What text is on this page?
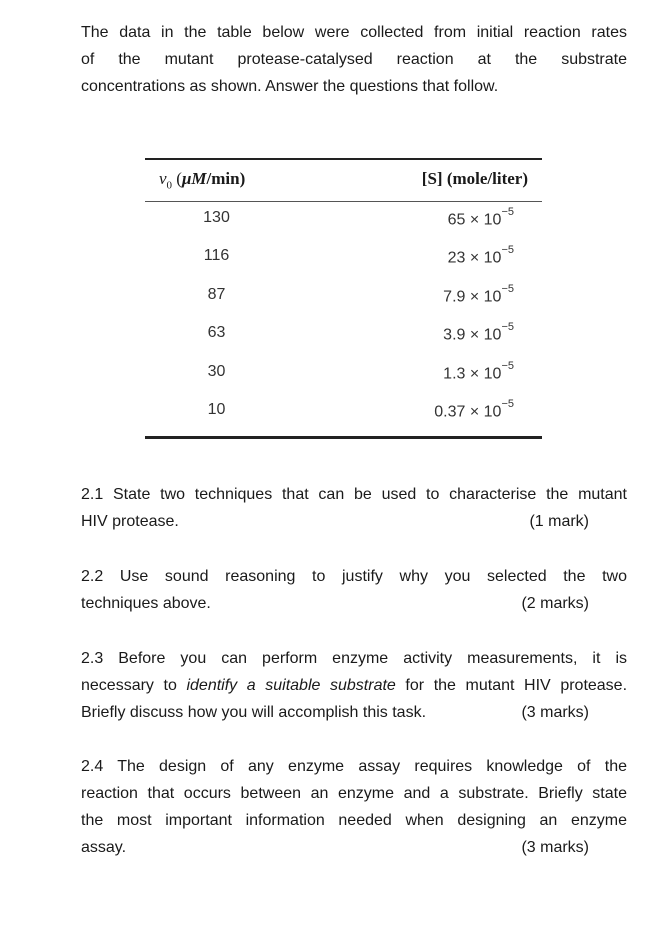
The data in the table below were collected from initial reaction rates
of the mutant protease-catalysed reaction at the substrate
concentrations as shown. Answer the questions that follow.
$v_0$ (μM/min)	[S] (mole/liter)
130	$65 \times 10^{-5}$
116	$23 \times 10^{-5}$
87	$7.9 \times 10^{-5}$
63	$3.9 \times 10^{-5}$
30	$1.3 \times 10^{-5}$
10	$0.37 \times 10^{-5}$
2.1 State two techniques that can be used to characterise the mutant
HIV protease.	(1 mark)
2.2 Use sound reasoning to justify why you selected the two
techniques above.	(2 marks)
2.3 Before you can perform enzyme activity measurements, it is
necessary to identify a suitable substrate for the mutant HIV protease.
Briefly discuss how you will accomplish this task.	(3 marks)
2.4 The design of any enzyme assay requires knowledge of the
reaction that occurs between an enzyme and a substrate. Briefly state
the most important information needed when designing an enzyme
assay.	(3 marks)
